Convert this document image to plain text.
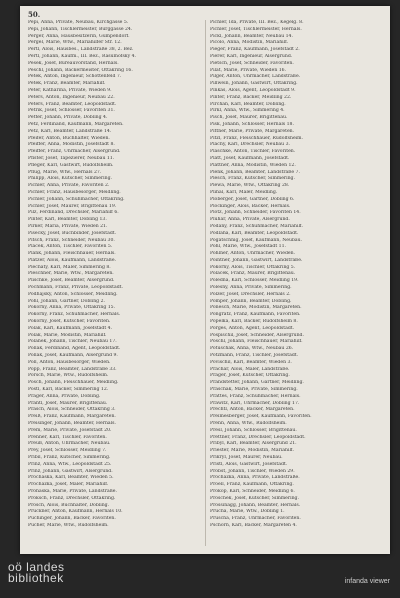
50.
Pepi, Anna, Private, Neubau, Kirchgasse 5.
Pepi, Johann, Tischlermeister, Burggasse 24.
Perger, Anna, Hausbesitzerin, Gumpendorf.
Pergel, Marie, Wtw., Mariahilfer Str. 12.
Pertl, Alois, Hausbes., Landstraße 38, 2. Bez.
Pertl, Johann, Kaufm., III. Bez., Rasumofsky 4.
Pesek, Josef, Bureauvorstand, Hernals.
Peschl, Johann, Bäckermeister, Ottakring 16.
Petek, Anton, Ingenieur, Schottenfeld 7.
Petek, Franz, Beamter, Mariahilf.
Peter, Katharina, Private, Wieden 9.
Peters, Anton, Ingenieur, Neubau 22.
Peters, Franz, Beamter, Leopoldstadt.
Petrik, Josef, Schlosser, Favoriten 31.
Petter, Johann, Private, Döbling 4.
Petz, Ferdinand, Kaufmann, Margareten.
Petz, Karl, Beamter, Landstraße 14.
Pfeifer, Anton, Buchhalter, Wieden.
Pfeiffer, Anna, Modistin, Josefstadt 8.
Pfeiffer, Franz, Uhrmacher, Alsergrund.
Pfister, Josef, Tapezierer, Neubau 11.
Pfleger, Karl, Gastwirt, Rudolfsheim.
Pflug, Marie, Wtw., Hernals 27.
Philipp, Alois, Kutscher, Simmering.
Pichler, Anna, Private, Favoriten 2.
Pichler, Franz, Hausbesorger, Meidling.
Pichler, Johann, Schuhmacher, Ottakring.
Pichler, Josef, Maurer, Brigittenau 19.
Pilz, Ferdinand, Drechsler, Mariahilf 6.
Pinter, Karl, Beamter, Döbling 13.
Pirker, Maria, Private, Wieden 21.
Pisecky, Josef, Buchbinder, Josefstadt.
Pitsch, Franz, Schneider, Neubau 30.
Placek, Anton, Tischler, Favoriten 5.
Plank, Johann, Fleischhauer, Hernals.
Platzer, Alois, Kaufmann, Landstraße.
Plechaty, Karl, Maler, Simmering 8.
Pleschner, Marie, Wtw., Margareten.
Plischke, Josef, Beamter, Alsergrund.
Pochmann, Franz, Private, Leopoldstadt.
Podhajsky, Anton, Schlosser, Meidling.
Pohl, Johann, Gärtner, Döbling 2.
Pokorny, Anna, Private, Ottakring 15.
Pokorny, Franz, Schuhmacher, Hernals.
Pokorny, Josef, Kutscher, Favoriten.
Polak, Karl, Kaufmann, Josefstadt 4.
Polak, Marie, Modistin, Mariahilf.
Polanek, Johann, Tischler, Neubau 17.
Pollak, Ferdinand, Agent, Leopoldstadt.
Pollak, Josef, Kaufmann, Alsergrund 9.
Pöll, Anton, Hausbesorger, Wieden.
Popp, Franz, Beamter, Landstraße 33.
Porsch, Marie, Wtw., Rudolfsheim.
Posch, Johann, Fleischhauer, Meidling.
Postl, Karl, Bäcker, Simmering 12.
Prager, Anna, Private, Döbling.
Prantl, Josef, Maurer, Brigittenau.
Prasch, Alois, Schneider, Ottakring 3.
Preiß, Franz, Kaufmann, Margareten.
Preisinger, Johann, Beamter, Hernals.
Prem, Marie, Private, Josefstadt 20.
Prenner, Karl, Tischler, Favoriten.
Preuß, Anton, Uhrmacher, Neubau.
Prey, Josef, Schlosser, Meidling 7.
Pribil, Franz, Kutscher, Simmering.
Prinz, Anna, Wtw., Leopoldstadt 25.
Prinz, Johann, Gastwirt, Alsergrund.
Prochaska, Karl, Beamter, Wieden 5.
Prochazka, Josef, Maler, Mariahilf.
Prohaska, Marie, Private, Landstraße.
Proksch, Franz, Drechsler, Ottakring.
Prosch, Alois, Buchhalter, Döbling.
Pruckner, Anton, Kaufmann, Hernals 10.
Puchinger, Johann, Bäcker, Favoriten.
Pucher, Marie, Wtw., Rudolfsheim.
Pichler, Ida, Private, III. Bez., Kegelg. 8.
Pichler, Josef, Tischlermeister, Hernals.
Pickl, Johann, Beamter, Neubau 14.
Picolo, Anna, Modistin, Mariahilf.
Pieger, Franz, Kaufmann, Josefstadt 2.
Pierer, Karl, Ingenieur, Alsergrund.
Pietsch, Josef, Schneider, Favoriten.
Pilat, Marie, Private, Wieden 16.
Pilger, Anton, Uhrmacher, Landstraße.
Pillwein, Johann, Gastwirt, Ottakring.
Pinkas, Alois, Agent, Leopoldstadt 9.
Pinter, Franz, Bäcker, Meidling 22.
Pirchan, Karl, Beamter, Döbling.
Pirkl, Anna, Wtw., Simmering 4.
Pisch, Josef, Maurer, Brigittenau.
Pisk, Johann, Schlosser, Hernals 18.
Pittner, Marie, Private, Margareten.
Pitzl, Franz, Fleischhauer, Rudolfsheim.
Plachy, Karl, Drechsler, Neubau 3.
Plaschke, Anton, Tischler, Favoriten.
Platt, Josef, Kaufmann, Josefstadt.
Plattner, Anna, Modistin, Wieden 12.
Plenk, Johann, Beamter, Landstraße 7.
Plesch, Franz, Kutscher, Simmering.
Plewa, Marie, Wtw., Ottakring 28.
Plihal, Karl, Maler, Meidling.
Ploberger, Josef, Gärtner, Döbling 6.
Plöckinger, Alois, Bäcker, Hernals.
Plotz, Johann, Schneider, Favoriten 14.
Pluhar, Anna, Private, Alsergrund.
Podany, Franz, Schuhmacher, Mariahilf.
Podlaha, Karl, Beamter, Leopoldstadt.
Pogatschnig, Josef, Kaufmann, Neubau.
Pohl, Marie, Wtw., Josefstadt 11.
Pohlner, Anton, Uhrmacher, Wieden.
Pointner, Johann, Gastwirt, Landstraße.
Pokorny, Alois, Tischler, Ottakring 5.
Polacek, Franz, Maurer, Brigittenau.
Poledna, Karl, Schlosser, Meidling 19.
Polesny, Anna, Private, Simmering.
Polzer, Josef, Drechsler, Hernals 2.
Pomper, Johann, Beamter, Döbling.
Ponesch, Marie, Modistin, Margareten.
Pongratz, Franz, Kaufmann, Favoriten.
Popelka, Karl, Bäcker, Rudolfsheim 8.
Porges, Anton, Agent, Leopoldstadt.
Pospischil, Josef, Schneider, Alsergrund.
Pöschl, Johann, Fleischhauer, Mariahilf.
Potuschak, Anna, Wtw., Neubau 26.
Potzmann, Franz, Tischler, Josefstadt.
Povischil, Karl, Beamter, Wieden 3.
Prachar, Alois, Maler, Landstraße.
Prager, Josef, Kutscher, Ottakring.
Prandstetter, Johann, Gärtner, Meidling.
Praschak, Marie, Private, Simmering.
Prattes, Franz, Schuhmacher, Hernals.
Prawitz, Karl, Uhrmacher, Döbling 17.
Prechtl, Anton, Bäcker, Margareten.
Preimesberger, Josef, Kaufmann, Favoriten.
Prenn, Anna, Wtw., Rudolfsheim.
Presl, Johann, Schlosser, Brigittenau.
Prettner, Franz, Drechsler, Leopoldstadt.
Pribyl, Karl, Beamter, Alsergrund 21.
Priester, Marie, Modistin, Mariahilf.
Prikryl, Josef, Maurer, Neubau.
Pristl, Alois, Gastwirt, Josefstadt.
Probst, Johann, Tischler, Wieden 29.
Prochazka, Anna, Private, Landstraße.
Proell, Franz, Kaufmann, Ottakring.
Prokop, Karl, Schneider, Meidling 6.
Proschek, Josef, Kutscher, Simmering.
Prossinagg, Johann, Beamter, Hernals.
Prucha, Marie, Wtw., Döbling 1.
Pruscha, Franz, Uhrmacher, Favoriten.
Pschorn, Karl, Bäcker, Margareten 4.
oö landes
bibliothek	infanda viewer
